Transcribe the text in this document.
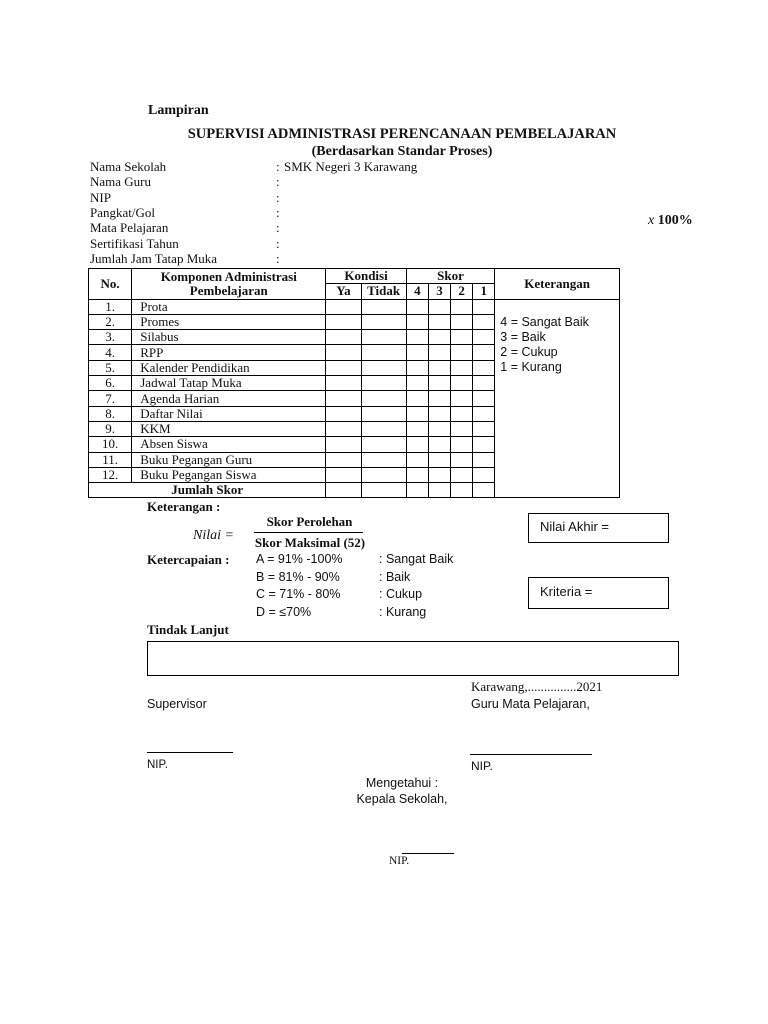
Lampiran
SUPERVISI ADMINISTRASI PERENCANAAN PEMBELAJARAN
(Berdasarkan Standar Proses)
Nama Sekolah	: SMK Negeri 3 Karawang
Nama Guru	:
NIP	:
Pangkat/Gol	:
Mata Pelajaran	:
Sertifikasi Tahun	:
Jumlah Jam Tatap Muka	:
x 100%
No.	Komponen Administrasi Pembelajaran	Kondisi		Skor				Keterangan
		Ya	Tidak	4	3	2	1	
1.	Prota							4 = Sangat Baik
3 = Baik
2 = Cukup
1 = Kurang

2.	Promes							
3.	Silabus							
4.	RPP							
5.	Kalender Pendidikan							
6.	Jadwal Tatap Muka							
7.	Agenda Harian							
8.	Daftar Nilai							
9.	KKM							
10.	Absen Siswa							
11.	Buku Pegangan Guru							
12.	Buku Pegangan Siswa							
Jumlah Skor								
Keterangan :
Nilai =
Skor Perolehan
Skor Maksimal (52)
Nilai Akhir =
Ketercapaian : A = 91% -100%	: Sangat Baik
B = 81% - 90%	: Baik
C = 71% - 80%	: Cukup
D = ≤70%	: Kurang
Kriteria =
Tindak Lanjut
Karawang,...............2021
Supervisor	Guru Mata Pelajaran,
NIP.	NIP.
Mengetahui :
Kepala Sekolah,
NIP.
